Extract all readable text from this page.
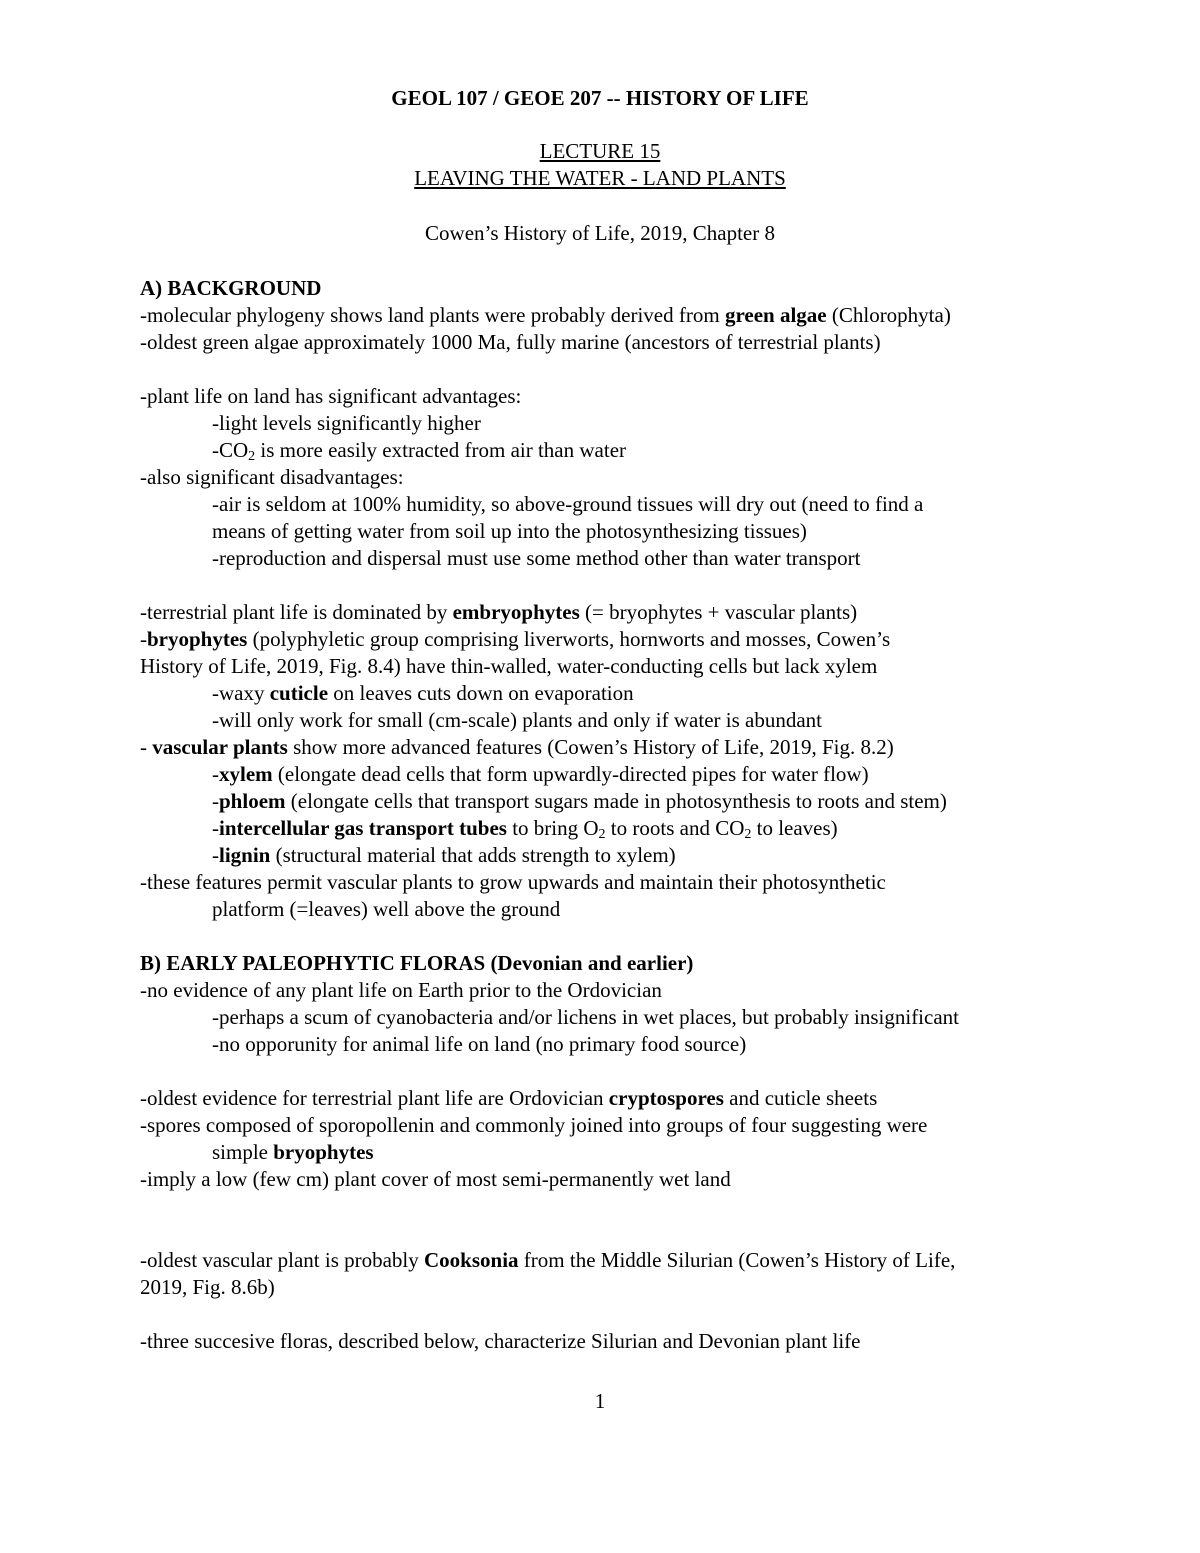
GEOL 107 / GEOE 207 -- HISTORY OF LIFE
LECTURE 15
LEAVING THE WATER - LAND PLANTS
Cowen’s History of Life, 2019, Chapter 8
A) BACKGROUND
-molecular phylogeny shows land plants were probably derived from green algae (Chlorophyta)
-oldest green algae approximately 1000 Ma, fully marine (ancestors of terrestrial plants)
-plant life on land has significant advantages:
-light levels significantly higher
$-CO_2$ is more easily extracted from air than water
-also significant disadvantages:
-air is seldom at 100% humidity, so above-ground tissues will dry out (need to find a
means of getting water from soil up into the photosynthesizing tissues)
-reproduction and dispersal must use some method other than water transport
-terrestrial plant life is dominated by embryophytes (= bryophytes + vascular plants)
-bryophytes (polyphyletic group comprising liverworts, hornworts and mosses, Cowen’s
History of Life, 2019, Fig. 8.4) have thin-walled, water-conducting cells but lack xylem
-waxy cuticle on leaves cuts down on evaporation
-will only work for small (cm-scale) plants and only if water is abundant
- vascular plants show more advanced features (Cowen’s History of Life, 2019, Fig. 8.2)
-xylem (elongate dead cells that form upwardly-directed pipes for water flow)
-phloem (elongate cells that transport sugars made in photosynthesis to roots and stem)
-intercellular gas transport tubes to bring $O_2$ to roots and $CO_2$ to leaves)
-lignin (structural material that adds strength to xylem)
-these features permit vascular plants to grow upwards and maintain their photosynthetic
platform (=leaves) well above the ground
B) EARLY PALEOPHYTIC FLORAS (Devonian and earlier)
-no evidence of any plant life on Earth prior to the Ordovician
-perhaps a scum of cyanobacteria and/or lichens in wet places, but probably insignificant
-no opporunity for animal life on land (no primary food source)
-oldest evidence for terrestrial plant life are Ordovician cryptospores and cuticle sheets
-spores composed of sporopollenin and commonly joined into groups of four suggesting were
simple bryophytes
-imply a low (few cm) plant cover of most semi-permanently wet land
-oldest vascular plant is probably Cooksonia from the Middle Silurian (Cowen’s History of Life,
2019, Fig. 8.6b)
-three succesive floras, described below, characterize Silurian and Devonian plant life
1
